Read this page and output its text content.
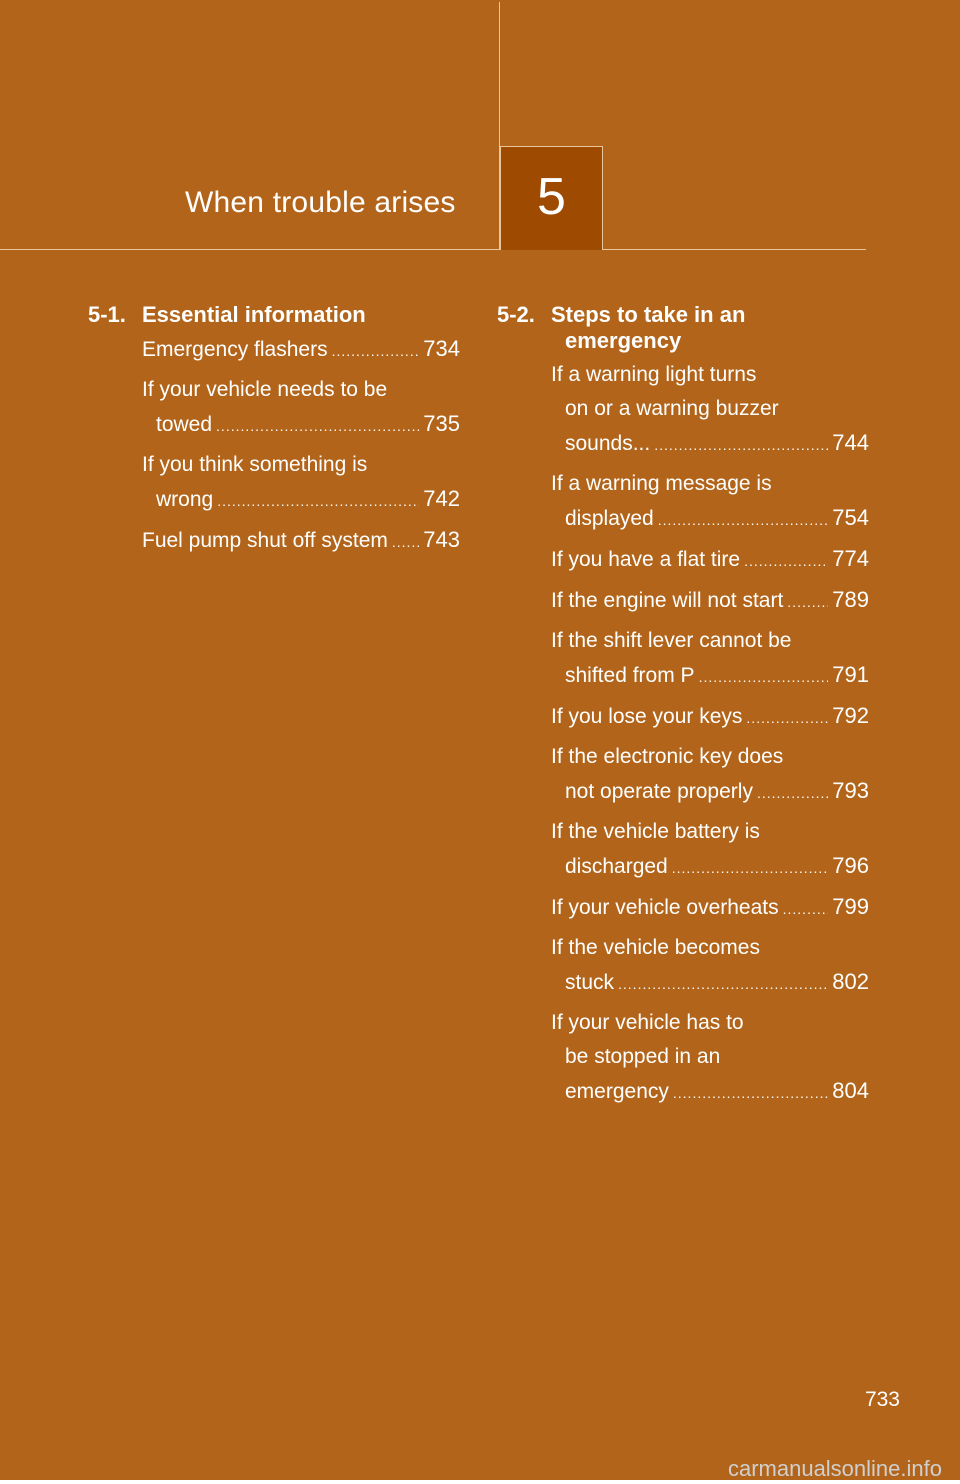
When trouble arises	5
5-1. Essential information
Emergency flashers .....	734
If your vehicle needs to be
towed .....	735
If you think something is
wrong .....	742
Fuel pump shut off system ..... 743
5-2. Steps to take in an
emergency
If a warning light turns
on or a warning buzzer
sounds... .....	744
If a warning message is
displayed .....	754
If you have a flat tire .....	774
If the engine will not start ..... 789
If the shift lever cannot be
shifted from P .....	791
If you lose your keys .....	792
If the electronic key does
not operate properly .....	793
If the vehicle battery is
discharged .....	796
If your vehicle overheats ..... 799
If the vehicle becomes
stuck .....	802
If your vehicle has to
be stopped in an
emergency .....	804
733
carmanualsonline.info
